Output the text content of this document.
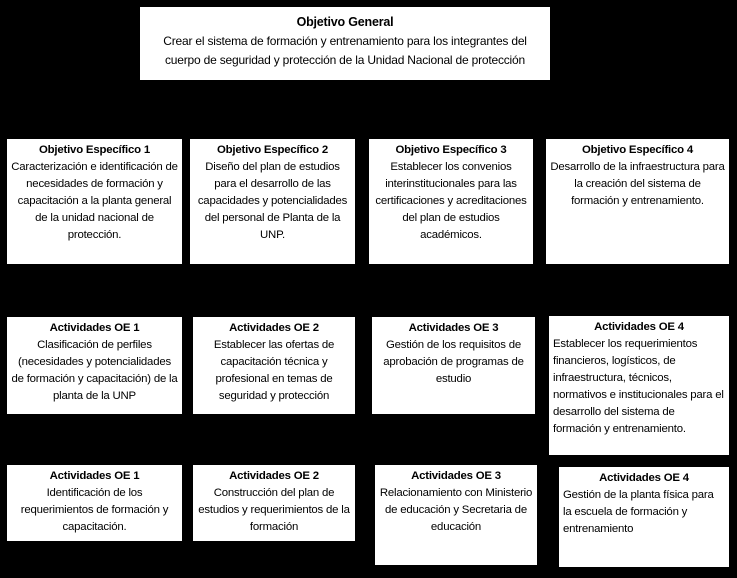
Objetivo General
Crear el sistema de formación y entrenamiento para los integrantes del cuerpo de seguridad y protección de la Unidad Nacional de protección
Objetivo Específico 1
Caracterización e identificación de necesidades de formación y capacitación a la planta general de la unidad nacional de protección.
Objetivo Específico 2
Diseño del plan de estudios para el desarrollo de las capacidades y potencialidades del personal de Planta de la UNP.
Objetivo Específico 3
Establecer los convenios interinstitucionales para las certificaciones y acreditaciones del plan de estudios académicos.
Objetivo Específico 4
Desarrollo de la infraestructura para la creación del sistema de formación y entrenamiento.
Actividades OE 1
Clasificación de perfiles (necesidades y potencialidades de formación y capacitación) de la planta de la UNP
Actividades OE 2
Establecer las ofertas de capacitación técnica y profesional en temas de seguridad y protección
Actividades OE 3
Gestión de los requisitos de aprobación de programas de estudio
Actividades OE 4
Establecer los requerimientos financieros, logísticos, de infraestructura, técnicos, normativos e institucionales para el desarrollo del sistema de formación y entrenamiento.
Actividades OE 1
Identificación de los requerimientos de formación y capacitación.
Actividades OE 2
Construcción del plan de estudios y requerimientos de la formación
Actividades OE 3
Relacionamiento con Ministerio de educación y Secretaria de educación
Actividades OE 4
Gestión de la planta física para la escuela de formación y entrenamiento
